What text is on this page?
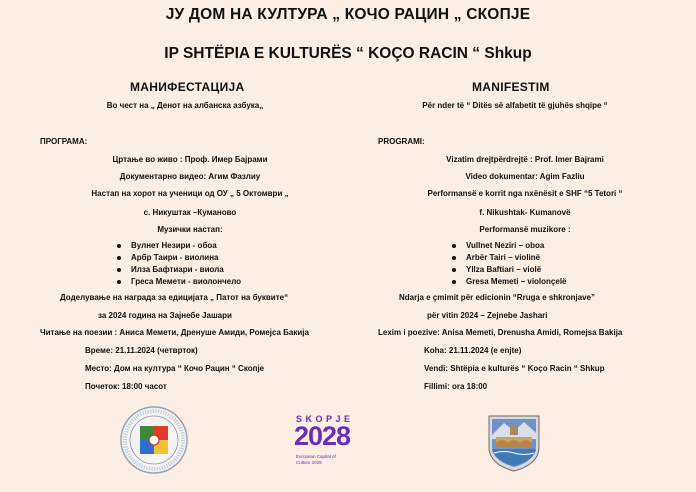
ЈУ ДОМ НА КУЛТУРА „ КОЧО РАЦИН „ СКОПЈЕ
IP SHTËPIA E KULTURËS “ KOÇO RACIN “ Shkup
МАНИФЕСТАЦИЈА
Во чест на „ Денот на албанска азбука„
ПРОГРАМА:
Цртање во живо : Проф. Имер Бајрами
Документарно видео: Агим Фазлиу
Настап на хорот на ученици од ОУ „ 5 Октомври „
с. Никуштак –Куманово
Музички настап:
Вулнет Незири - обоа
Арбр Таири - виолина
Илза Бафтиари - виола
Греса Мемети - виолончело
Доделување на награда за едицијата „ Патот на буквите“
за 2024 година на Зајнебе Јашари
Читање на поезии : Аниса Мемети, Дренуше Амиди, Ромејса Бакија
Време: 21.11.2024 (четврток)
Место: Дом на култура “ Кочо Рацин “ Скопје
Почеток: 18:00 часот
MANIFESTIM
Për nder të “ Ditës së alfabetit të gjuhës shqipe “
PROGRAMI:
Vizatim drejtpërdrejtë : Prof. Imer Bajrami
Video dokumentar: Agim Fazliu
Performansë e korrit nga nxënësit e SHF “5 Tetori “
f. Nikushtak- Kumanovë
Performansë muzikore :
Vullnet Neziri – oboa
Arbër Tairi – violinë
Yllza Baftiari – violë
Gresa Memeti – violonçelë
Ndarja e çmimit për edicionin “Rruga e shkronjave”
për vitin 2024 – Zejnebe Jashari
Lexim i poezive: Anisa Memeti, Drenusha Amidi, Romejsa Bakija
Koha: 21.11.2024 (e enjte)
Vendi: Shtëpia e kulturës “ Koço Racin “ Shkup
Fillimi: ora 18:00
SKOPJE
2028
European Capital of
Culture 2028
